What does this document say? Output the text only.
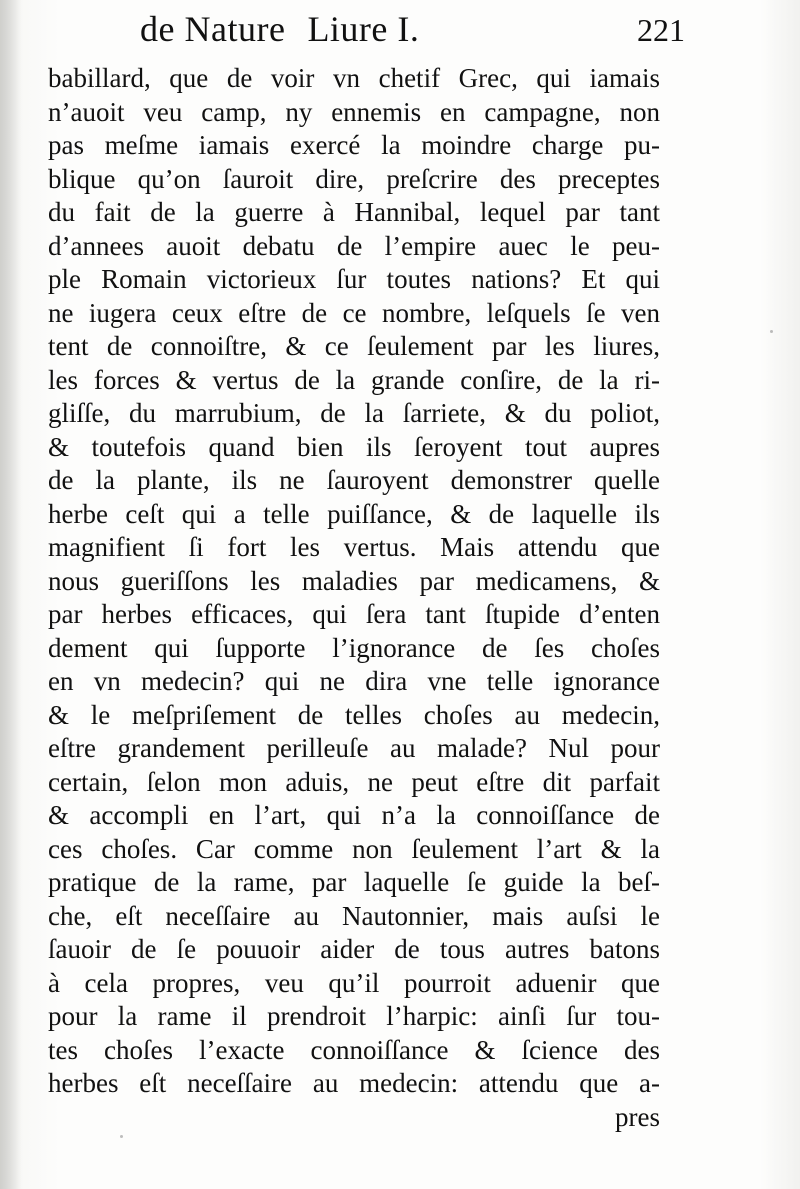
de Nature Liure I.	221
babillard, que de voir vn chetif Grec, qui iamais
n’auoit veu camp, ny ennemis en campagne, non
pas meſme iamais exercé la moindre charge pu-
blique qu’on ſauroit dire, preſcrire des preceptes
du fait de la guerre à Hannibal, lequel par tant
d’annees auoit debatu de l’empire auec le peu-
ple Romain victorieux ſur toutes nations? Et qui
ne iugera ceux eſtre de ce nombre, leſquels ſe ven
tent de connoiſtre, & ce ſeulement par les liures,
les forces & vertus de la grande conſire, de la ri-
gliſſe, du marrubium, de la ſarriete, & du poliot,
& toutefois quand bien ils ſeroyent tout aupres
de la plante, ils ne ſauroyent demonstrer quelle
herbe ceſt qui a telle puiſſance, & de laquelle ils
magnifient ſi fort les vertus. Mais attendu que
nous gueriſſons les maladies par medicamens, &
par herbes efficaces, qui ſera tant ſtupide d’enten
dement qui ſupporte l’ignorance de ſes choſes
en vn medecin? qui ne dira vne telle ignorance
& le meſpriſement de telles choſes au medecin,
eſtre grandement perilleuſe au malade? Nul pour
certain, ſelon mon aduis, ne peut eſtre dit parfait
& accompli en l’art, qui n’a la connoiſſance de
ces choſes. Car comme non ſeulement l’art & la
pratique de la rame, par laquelle ſe guide la beſ-
che, eſt neceſſaire au Nautonnier, mais auſsi le
ſauoir de ſe pouuoir aider de tous autres batons
à cela propres, veu qu’il pourroit aduenir que
pour la rame il prendroit l’harpic: ainſi ſur tou-
tes choſes l’exacte connoiſſance & ſcience des
herbes eſt neceſſaire au medecin: attendu que a-
pres
